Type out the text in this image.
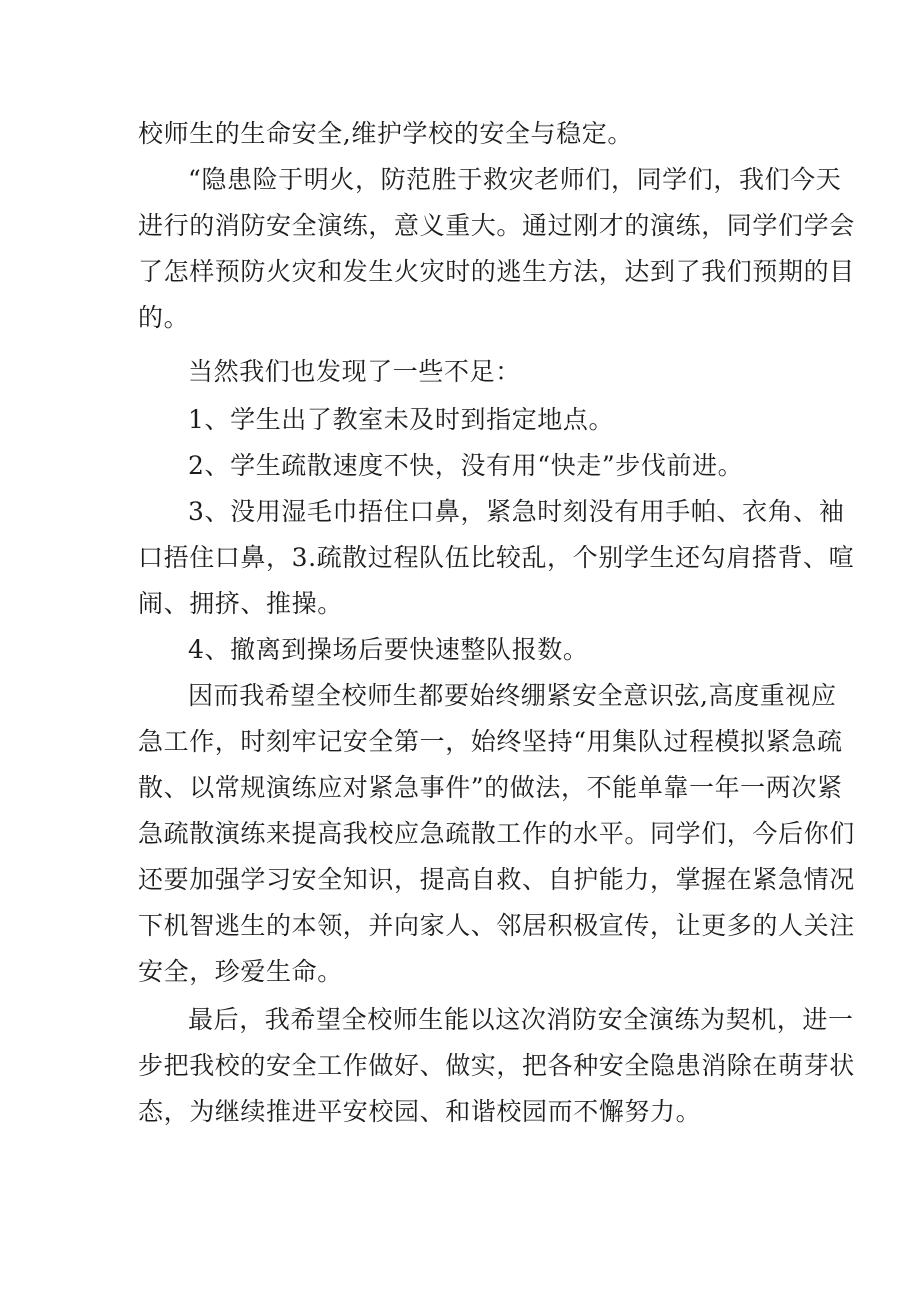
校师生的生命安全,维护学校的安全与稳定。
“隐患险于明火，防范胜于救灾老师们，同学们，我们今天
进行的消防安全演练，意义重大。通过刚才的演练，同学们学会
了怎样预防火灾和发生火灾时的逃生方法，达到了我们预期的目
的。
当然我们也发现了一些不足：
1、学生出了教室未及时到指定地点。
2、学生疏散速度不快，没有用“快走”步伐前进。
3、没用湿毛巾捂住口鼻，紧急时刻没有用手帕、衣角、袖
口捂住口鼻，3.疏散过程队伍比较乱，个别学生还勾肩搭背、喧
闹、拥挤、推操。
4、撤离到操场后要快速整队报数。
因而我希望全校师生都要始终绷紧安全意识弦,高度重视应
急工作，时刻牢记安全第一，始终坚持“用集队过程模拟紧急疏
散、以常规演练应对紧急事件”的做法，不能单靠一年一两次紧
急疏散演练来提高我校应急疏散工作的水平。同学们，今后你们
还要加强学习安全知识，提高自救、自护能力，掌握在紧急情况
下机智逃生的本领，并向家人、邻居积极宣传，让更多的人关注
安全，珍爱生命。
最后，我希望全校师生能以这次消防安全演练为契机，进一
步把我校的安全工作做好、做实，把各种安全隐患消除在萌芽状
态，为继续推进平安校园、和谐校园而不懈努力。
